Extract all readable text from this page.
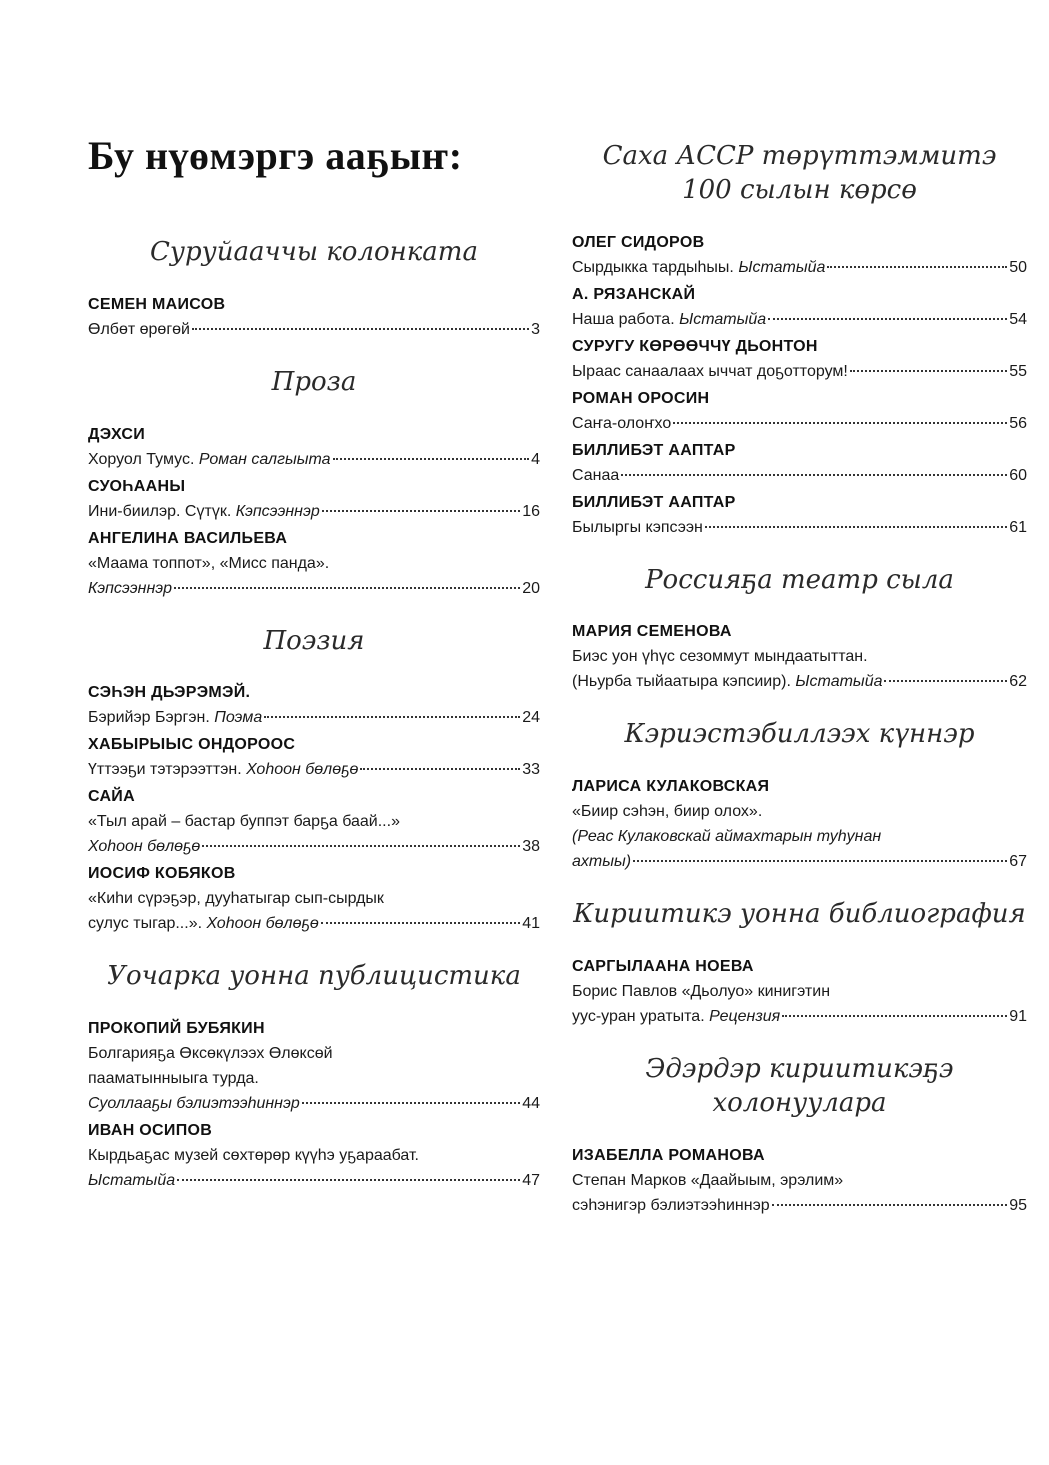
Бу нүөмэргэ ааҕыҥ:
Суруйааччы колонката
СЕМЕН МАИСОВ
Өлбөт өрөгөй	3
Проза
ДЭХСИ
Хоруол Тумус. Роман салгыыта	4
СУОҺААНЫ
Ини-биилэр. Сүтүк. Кэпсээннэр	16
АНГЕЛИНА ВАСИЛЬЕВА
«Маама топпот», «Мисс панда».
Кэпсээннэр	20
Поэзия
СЭҺЭН ДЬЭРЭМЭЙ.
Бэрийэр Бэргэн. Поэма	24
ХАБЫРЫЫС ОНДОРООС
Үттээҕи тэтэрээттэн. Хоһоон бөлөҕө	33
САЙА
«Тыл арай – бастар буппэт барҕа баай...»
Хоһоон бөлөҕө	38
ИОСИФ КОБЯКОВ
«Киһи сүрэҕэр, дууһатыгар сып-сырдык
сулус тыгар...». Хоһоон бөлөҕө	41
Уочарка уонна публицистика
ПРОКОПИЙ БУБЯКИН
Болгарияҕа Өксөкүлээх Өлөксөй
пааматынныыга турда.
Суоллааҕы бэлиэтээһиннэр	44
ИВАН ОСИПОВ
Кырдьаҕас музей сөхтөрөр күүһэ уҕараабат.
Ыстатыйа	47
Саха АССР төрүттэммитэ
100 сылын көрсө
ОЛЕГ СИДОРОВ
Сырдыкка тардыһыы. Ыстатыйа	50
А. РЯЗАНСКАЙ
Наша работа. Ыстатыйа	54
СУРУГУ КӨРӨӨЧЧҮ ДЬОНТОН
Ыраас санаалаах ыччат доҕотторум!	55
РОМАН ОРОСИН
Саҥа-олоҥхо	56
БИЛЛИБЭТ ААПТАР
Санаа	60
БИЛЛИБЭТ ААПТАР
Былыргы кэпсээн	61
Россияҕа театр сыла
МАРИЯ СЕМЕНОВА
Биэс уон үһүс сезоммут мындаатыттан.
(Ньурба тыйаатыра кэпсиир). Ыстатыйа	62
Кэриэстэбиллээх күннэр
ЛАРИСА КУЛАКОВСКАЯ
«Биир сэһэн, биир олох».
(Реас Кулаковскай аймахтарын туһунан
ахтыы)	67
Кириитикэ уонна библиография
САРГЫЛААНА НОЕВА
Борис Павлов «Дьолуо» кинигэтин
уус-уран уратыта. Рецензия	91
Эдэрдэр кириитикэҕэ холонуулара
ИЗАБЕЛЛА РОМАНОВА
Степан Марков «Даайыым, эрэлим»
сэһэнигэр бэлиэтээһиннэр	95
